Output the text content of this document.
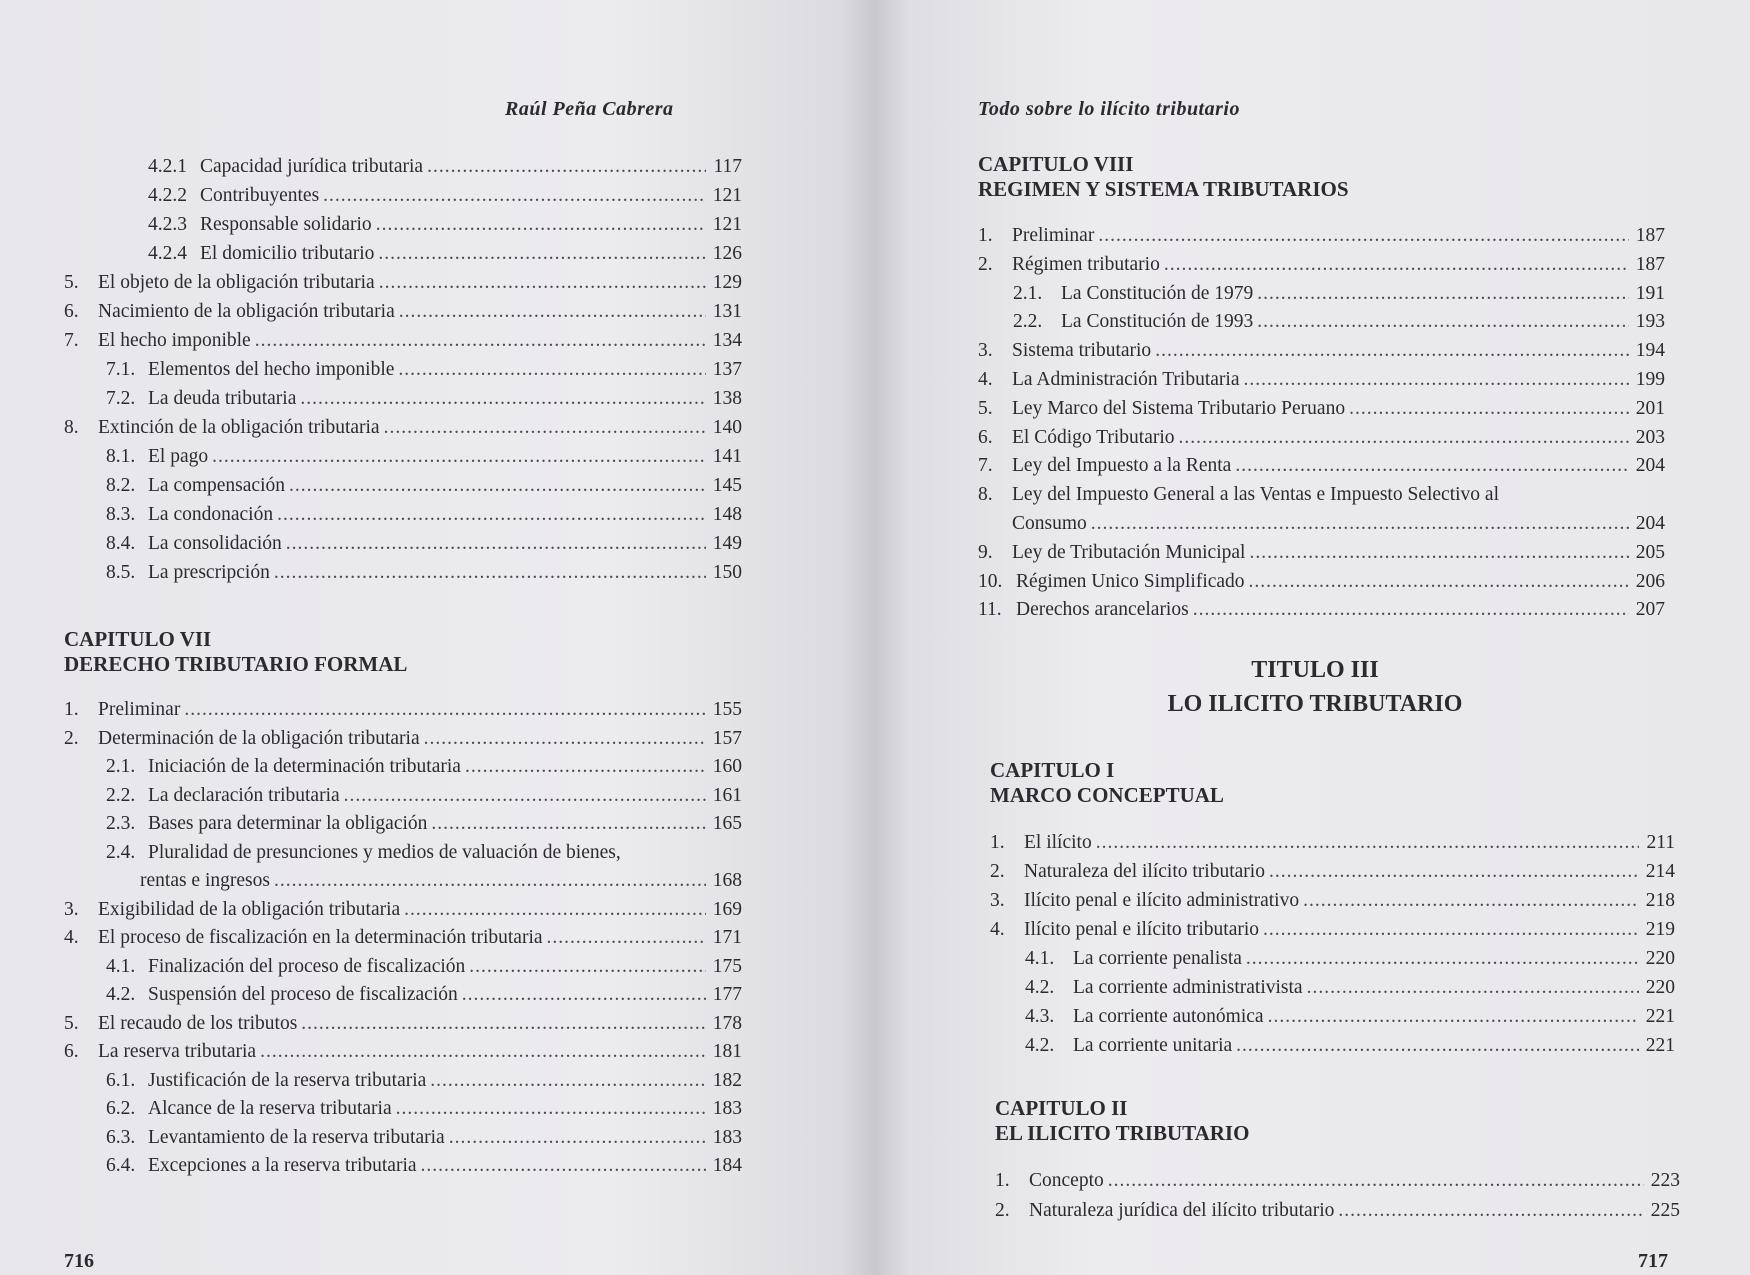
Raúl Peña Cabrera
4.2.1 Capacidad jurídica tributaria .....	117
4.2.2 Contribuyentes .....	121
4.2.3 Responsable solidario .....	121
4.2.4 El domicilio tributario .....	126
5. El objeto de la obligación tributaria .....	129
6. Nacimiento de la obligación tributaria .....	131
7. El hecho imponible .....	134
7.1. Elementos del hecho imponible .....	137
7.2. La deuda tributaria .....	138
8. Extinción de la obligación tributaria .....	140
8.1. El pago .....	141
8.2. La compensación .....	145
8.3. La condonación .....	148
8.4. La consolidación .....	149
8.5. La prescripción .....	150
CAPITULO VII
DERECHO TRIBUTARIO FORMAL
1. Preliminar .....	155
2. Determinación de la obligación tributaria .....	157
2.1. Iniciación de la determinación tributaria .....	160
2.2. La declaración tributaria .....	161
2.3. Bases para determinar la obligación .....	165
2.4. Pluralidad de presunciones y medios de valuación de bienes,
rentas e ingresos .....	168
3. Exigibilidad de la obligación tributaria .....	169
4. El proceso de fiscalización en la determinación tributaria .....	171
4.1. Finalización del proceso de fiscalización .....	175
4.2. Suspensión del proceso de fiscalización .....	177
5. El recaudo de los tributos .....	178
6. La reserva tributaria .....	181
6.1. Justificación de la reserva tributaria .....	182
6.2. Alcance de la reserva tributaria .....	183
6.3. Levantamiento de la reserva tributaria .....	183
6.4. Excepciones a la reserva tributaria .....	184
716
Todo sobre lo ilícito tributario
CAPITULO VIII
REGIMEN Y SISTEMA TRIBUTARIOS
1. Preliminar .....	187
2. Régimen tributario .....	187
2.1. La Constitución de 1979 .....	191
2.2. La Constitución de 1993 .....	193
3. Sistema tributario .....	194
4. La Administración Tributaria .....	199
5. Ley Marco del Sistema Tributario Peruano .....	201
6. El Código Tributario .....	203
7. Ley del Impuesto a la Renta .....	204
8. Ley del Impuesto General a las Ventas e Impuesto Selectivo al
Consumo .....	204
9. Ley de Tributación Municipal .....	205
10. Régimen Unico Simplificado .....	206
11. Derechos arancelarios .....	207
TITULO III
LO ILICITO TRIBUTARIO
CAPITULO I
MARCO CONCEPTUAL
1. El ilícito .....	211
2. Naturaleza del ilícito tributario .....	214
3. Ilícito penal e ilícito administrativo .....	218
4. Ilícito penal e ilícito tributario .....	219
4.1. La corriente penalista .....	220
4.2. La corriente administrativista .....	220
4.3. La corriente autonómica .....	221
4.2. La corriente unitaria .....	221
CAPITULO II
EL ILICITO TRIBUTARIO
1. Concepto .....	223
2. Naturaleza jurídica del ilícito tributario .....	225
717
